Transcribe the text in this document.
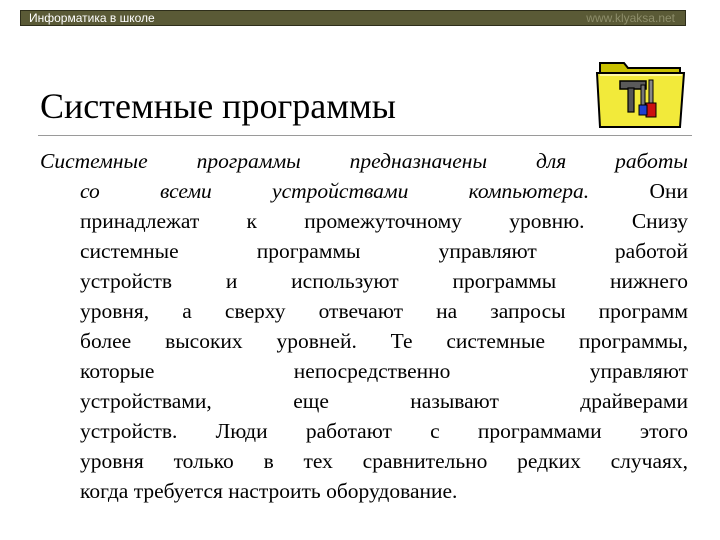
Информатика в школе	www.klyaksa.net
Системные программы
Системные программы предназначены для работы
со всеми устройствами компьютера.	Они
принадлежат к промежуточному уровню. Снизу
системные программы управляют работой
устройств и используют программы нижнего
уровня, а сверху отвечают на запросы программ
более высоких уровней. Те системные программы,
которые непосредственно управляют
устройствами, еще называют драйверами
устройств. Люди работают с программами этого
уровня только в тех сравнительно редких случаях,
когда требуется настроить оборудование.
